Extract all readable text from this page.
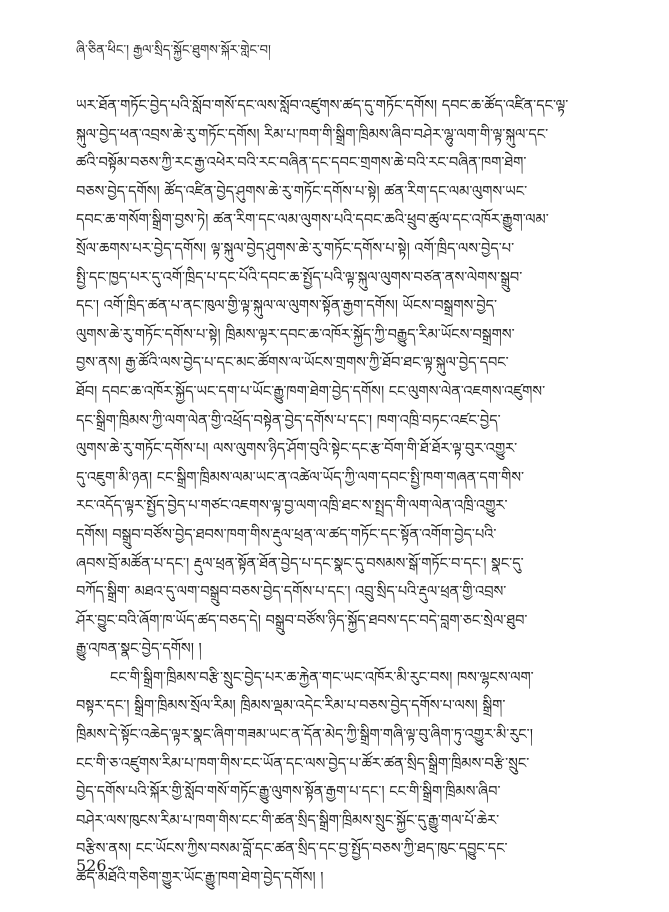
ཞི་ཅིན་ཕིང་། རྒྱལ་སྲིད་སྐྱོང་ཐུགས་སྐོར་གླེང་བ།
ཡར་ཐོན་གཏོང་བྱེད་པའི་སློབ་གསོ་དང་ལས་སློབ་འཛུགས་ཚད་དུ་གཏོང་དགོས། དབང་ཆ་ཚོད་འཛིན་དང་ལྟ་
སྐུལ་བྱེད་ཕན་འབྲས་ཆེ་རུ་གཏོང་དགོས། རིམ་པ་ཁག་གི་སྒྲིག་ཁྲིམས་ཞིབ་བཤེར་ལྷུ་ལག་གི་ལྟ་སྐུལ་དང་
ཚའི་བསྟོམ་བཅས་ཀྱི་རང་རྒྱ་འཕེར་བའི་རང་བཞིན་དང་དབང་གྲགས་ཆེ་བའི་རང་བཞིན་ཁག་ཐེག་
བཅས་བྱེད་དགོས། ཚོད་འཛིན་བྱེད་ཤུགས་ཆེ་རུ་གཏོང་དགོས་པ་སྟེ། ཚན་རིག་དང་ལམ་ལུགས་ཡང་
དབང་ཆ་གསོག་སྒྲིག་བྱས་ཏེ། ཚན་རིག་དང་ལམ་ལུགས་པའི་དབང་ཆའི་ཕྲུབ་ཚུལ་དང་འཁོར་རྒྱུག་ལམ་
སྲོལ་ཆགས་པར་བྱེད་དགོས། ལྟ་སྐུལ་བྱེད་ཤུགས་ཆེ་རུ་གཏོང་དགོས་པ་སྟེ། འགོ་ཁྲིད་ལས་བྱེད་པ་
སྤྱི་དང་ཁྱད་པར་དུ་འགོ་ཁྲིད་པ་དང་པོའི་དབང་ཆ་སྤྱོད་པའི་ལྟ་སྐུལ་ལུགས་བཙན་ནས་ལེགས་སྒྲུབ་
དང་། འགོ་ཁྲིད་ཚན་པ་ནང་ཁུལ་གྱི་ལྟ་སྐུལ་ལ་ལུགས་སྟོན་རྒྱག་དགོས། ཡོངས་བསྒྲགས་བྱེད་
ལུགས་ཆེ་རུ་གཏོང་དགོས་པ་སྟེ། ཁྲིམས་ལྟར་དབང་ཆ་འཁོར་སྐྱོད་ཀྱི་བརྒྱུད་རིམ་ཡོངས་བསྒྲགས་
བྱས་ནས། རྒྱ་ཚོའི་ལས་བྱེད་པ་དང་མང་ཚོགས་ལ་ཡོངས་གྲགས་ཀྱི་ཐོབ་ཐང་ལྟ་སྐུལ་བྱེད་དབང་
ཐོབ། དབང་ཆ་འཁོར་སྐྱོད་ཡང་དག་པ་ཡོང་རྒྱུ་ཁག་ཐེག་བྱེད་དགོས། ངང་ལུགས་ལེན་འཇགས་འཛུགས་
དང་སྒྲིག་ཁྲིམས་ཀྱི་ལག་ལེན་གྱི་འཕྲོད་བསྟེན་བྱེད་དགོས་པ་དང་། ཁག་འཁྲི་བཏང་འཛང་བྱེད་
ལུགས་ཆེ་རུ་གཏོང་དགོས་པ། ལས་ལུགས་ཉིད་ཤོག་བུའི་སྟེང་དང་རྩ་བོག་གི་ཐོ་ཐོར་ལྟ་བུར་འགྱུར་
དུ་འཇུག་མི་ཉན། ངང་སྒྲིག་ཁྲིམས་ལམ་ཡང་ན་འཚེལ་ཡོད་ཀྱི་ལག་དབང་སྤྱི་ཁག་གཞན་དག་གིས་
རང་འདོད་ལྟར་སྤྱོད་བྱེད་པ་གཙང་འཇགས་ལྟ་བྱ་ལག་འཁྲི་ཐང་ས་སྤྲད་གི་ལག་ལེན་འཁྲི་འགྱུར་
དགོས། བསྒྲུབ་བཙོས་བྱེད་ཐབས་ཁག་གིས་རྡུལ་ཕྲན་ལ་ཚད་གཏོང་དང་སྟོན་འགོག་བྱེད་པའི་
ཞབས་བྲོ་མཚོན་པ་དང་། རྡུལ་ཕྲན་སྟོན་ཐོན་བྱེད་པ་དང་སྣང་དུ་བསམས་སྒོ་གཏོང་བ་དང་། སྣང་དུ་
བཀོད་སྒྲིག་ མཐའ་དུ་ལག་བསྒྲུབ་བཅས་བྱེད་དགོས་པ་དང་། འབྲུ་སྲིད་པའི་རྡུལ་ཕྲན་གྱི་འབྲས་
ཤོར་བྱུང་བའི་ཞོག་ཁ་ཡོད་ཚད་བཅད་དེ། བསྒྲུབ་བཙོས་ཉིད་སྐྱོད་ཐབས་དང་བདེ་བླག་ཅང་སྲེལ་ཐུབ་
རྒྱུ་འཁན་སྣང་བྱེད་དགོས། །
ངང་གི་སྒྲིག་ཁྲིམས་བརྩི་སྲུང་བྱེད་པར་ཆ་རྐྱེན་གང་ཡང་འཁོར་མི་རུང་བས། ཁས་ལྷངས་ལག་
བསྟར་དང་། སྒྲིག་ཁྲིམས་སྲོལ་རིམ། ཁྲིམས་ལྡམ་འདེང་རིམ་པ་བཅས་བྱེད་དགོས་པ་ལས། སྒྲིག་
ཁྲིམས་དེ་སྟོང་འཆེད་ལྟར་སྣང་ཞིག་གཟམ་ཡང་ན་དོན་མེད་ཀྱི་སྒྲིག་གཞི་ལྟ་བུ་ཞིག་ཏུ་འགྱུར་མི་རུང་།
ངང་གི་ཅ་འཛུགས་རིམ་པ་ཁག་གིས་ངང་ཡོན་དང་ལས་བྱེད་པ་ཚོར་ཚན་སྲིད་སྒྲིག་ཁྲིམས་བརྩི་སྲུང་
བྱེད་དགོས་པའི་སྐོར་གྱི་སློབ་གསོ་གཏོང་རྒྱུ་ལུགས་སྟོན་རྒྱག་པ་དང་། ངང་གི་སྒྲིག་ཁྲིམས་ཞིབ་
བཤེར་ལས་ཁུངས་རིམ་པ་ཁག་གིས་ངང་གི་ཚན་སྲིད་སྒྲིག་ཁྲིམས་སྲུང་སྐྱོང་དུ་རྒྱུ་གལ་པོ་ཆེར་
བརྩིས་ནས། ངང་ཡོངས་ཀྱིས་བསམ་བློ་དང་ཚན་སྲིད་དང་བྱ་སྤྱོད་བཅས་ཀྱི་ཐད་ཁུང་དབྱུང་དང་
ཚད་མཐོའི་གཅིག་གྱུར་ཡོང་རྒྱུ་ཁག་ཐེག་བྱེད་དགོས། །
526
